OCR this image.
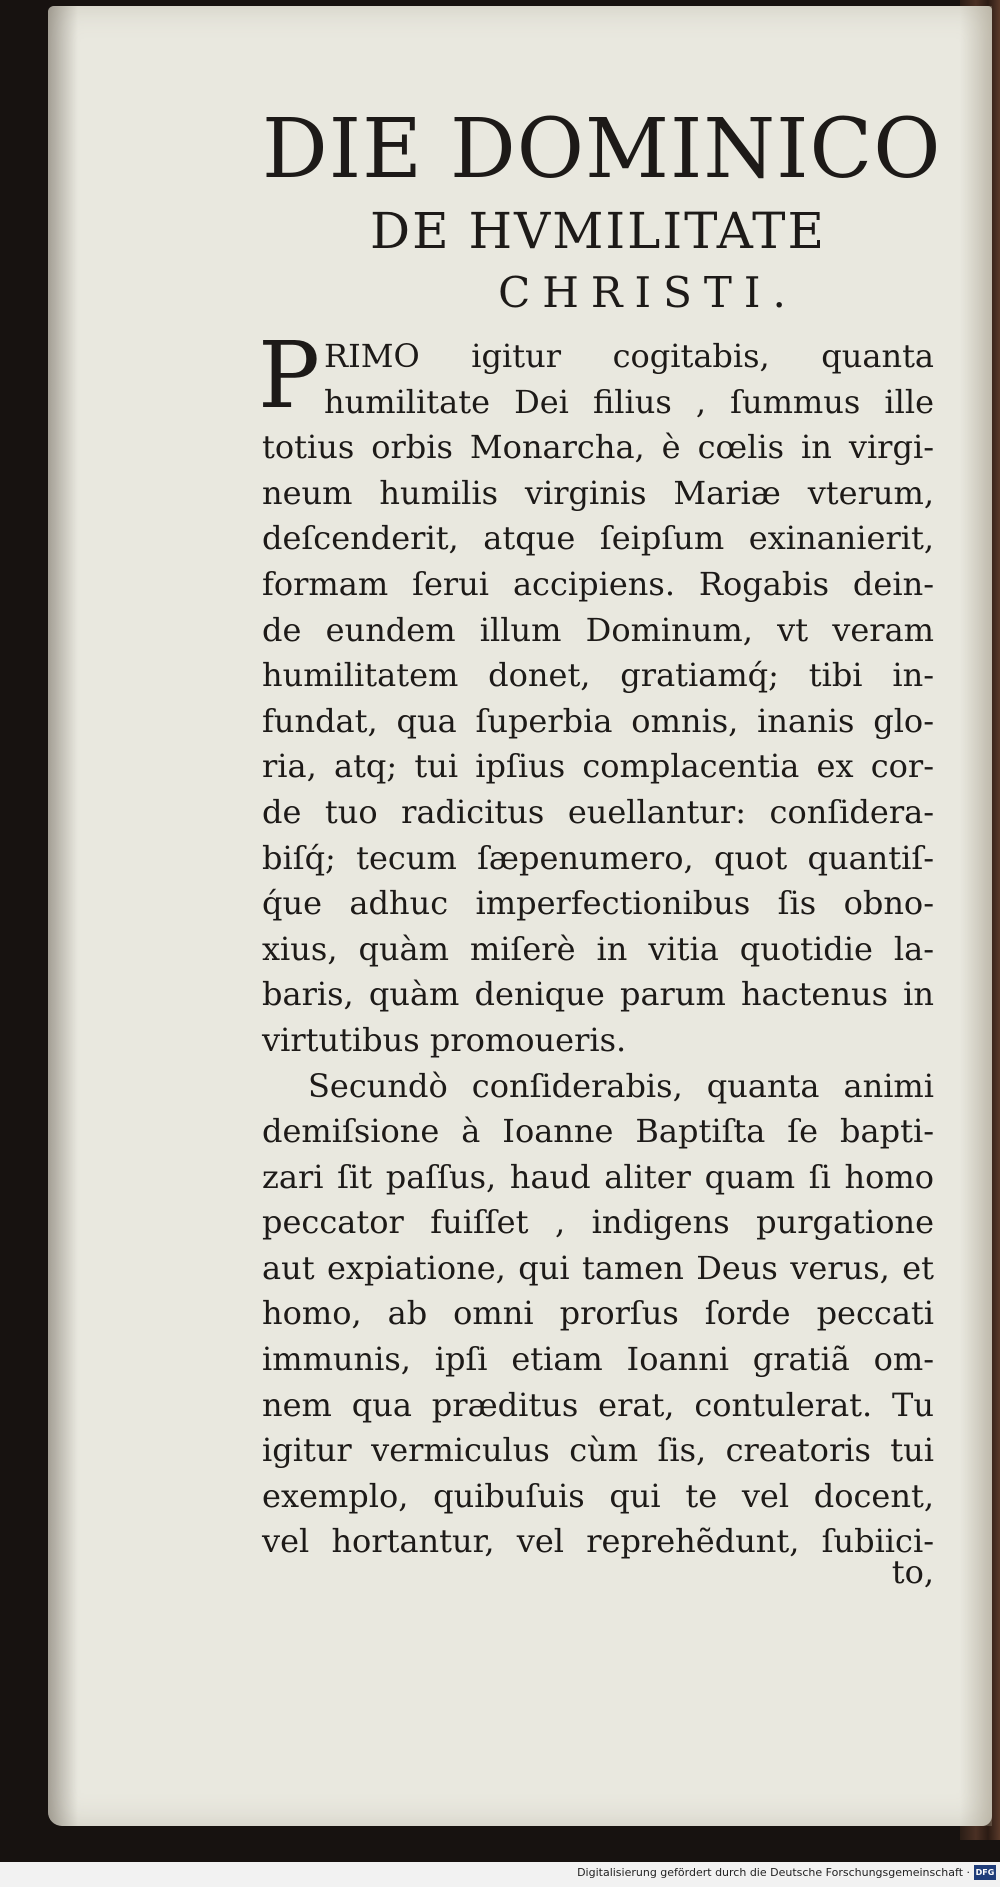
DIE DOMINICO
DE HVMILITATE
CHRISTI.
P RIMO igitur cogitabis, quanta
humilitate Dei filius , ſummus ille
totius orbis Monarcha, è cœlis in virgi-
neum humilis virginis Mariæ vterum,
deſcenderit, atque ſeipſum exinanierit,
formam ſerui accipiens. Rogabis dein-
de eundem illum Dominum, vt veram
humilitatem donet, gratiamq́; tibi in-
fundat, qua ſuperbia omnis, inanis glo-
ria, atq; tui ipſius complacentia ex cor-
de tuo radicitus euellantur: conſidera-
biſq́; tecum ſæpenumero, quot quantiſ-
q́ue adhuc imperfectionibus ſis obno-
xius, quàm miſerè in vitia quotidie la-
baris, quàm denique parum hactenus in
virtutibus promoueris.
Secundò conſiderabis, quanta animi
demiſsione à Ioanne Baptiſta ſe bapti-
zari ſit paſſus, haud aliter quam ſi homo
peccator fuiſſet , indigens purgatione
aut expiatione, qui tamen Deus verus, et
homo, ab omni prorſus ſorde peccati
immunis, ipſi etiam Ioanni gratiã om-
nem qua præditus erat, contulerat. Tu
igitur vermiculus cùm ſis, creatoris tui
exemplo, quibuſuis qui te vel docent,
vel hortantur, vel reprehẽdunt, ſubiici-
to,
Digitalisierung gefördert durch die Deutsche Forschungsgemeinschaft · DFG
